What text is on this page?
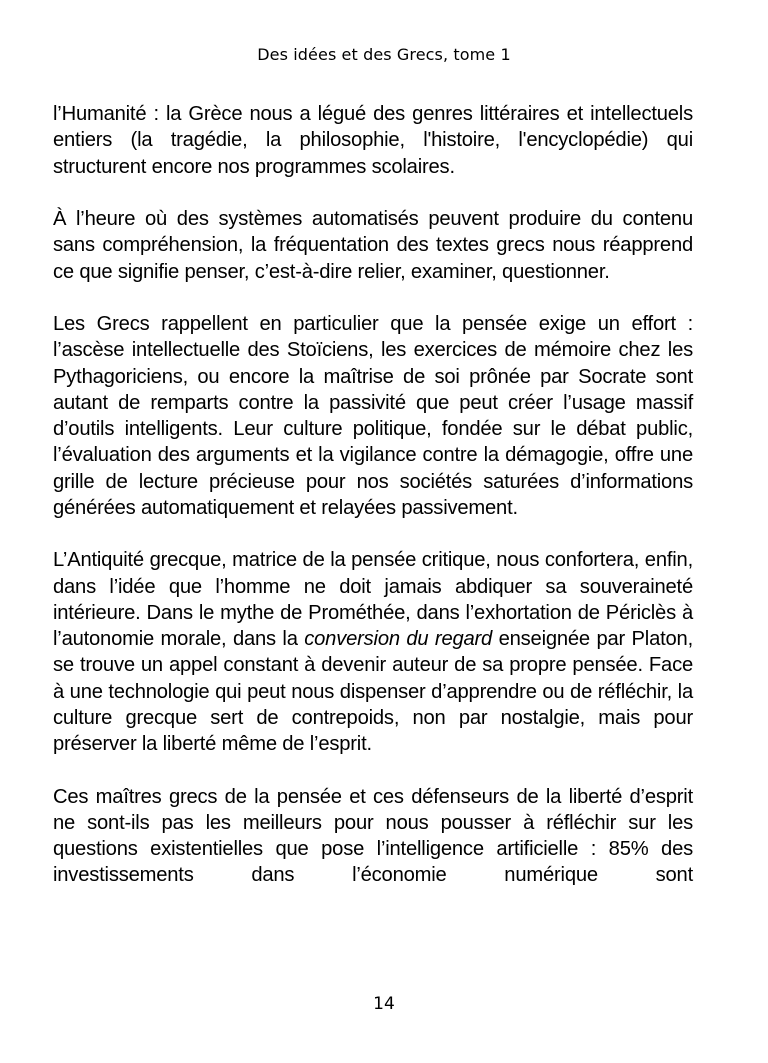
Des idées et des Grecs, tome 1

l’Humanité : la Grèce nous a légué des genres littéraires et intellectuels entiers (la tragédie, la philosophie, l'histoire, l'encyclopédie) qui structurent encore nos programmes scolaires.

À l’heure où des systèmes automatisés peuvent produire du contenu sans compréhension, la fréquentation des textes grecs nous réapprend ce que signifie penser, c’est-à-dire relier, examiner, questionner.

Les Grecs rappellent en particulier que la pensée exige un effort : l’ascèse intellectuelle des Stoïciens, les exercices de mémoire chez les Pythagoriciens, ou encore la maîtrise de soi prônée par Socrate sont autant de remparts contre la passivité que peut créer l’usage massif d’outils intelligents. Leur culture politique, fondée sur le débat public, l’évaluation des arguments et la vigilance contre la démagogie, offre une grille de lecture précieuse pour nos sociétés saturées d’informations générées automatiquement et relayées passivement.

L’Antiquité grecque, matrice de la pensée critique, nous confortera, enfin, dans l’idée que l’homme ne doit jamais abdiquer sa souveraineté intérieure. Dans le mythe de Prométhée, dans l’exhortation de Périclès à l’autonomie morale, dans la conversion du regard enseignée par Platon, se trouve un appel constant à devenir auteur de sa propre pensée. Face à une technologie qui peut nous dispenser d’apprendre ou de réfléchir, la culture grecque sert de contrepoids, non par nostalgie, mais pour préserver la liberté même de l’esprit.

Ces maîtres grecs de la pensée et ces défenseurs de la liberté d’esprit ne sont-ils pas les meilleurs pour nous pousser à réfléchir sur les questions existentielles que pose l’intelligence artificielle : 85% des investissements dans l’économie numérique sont

14
